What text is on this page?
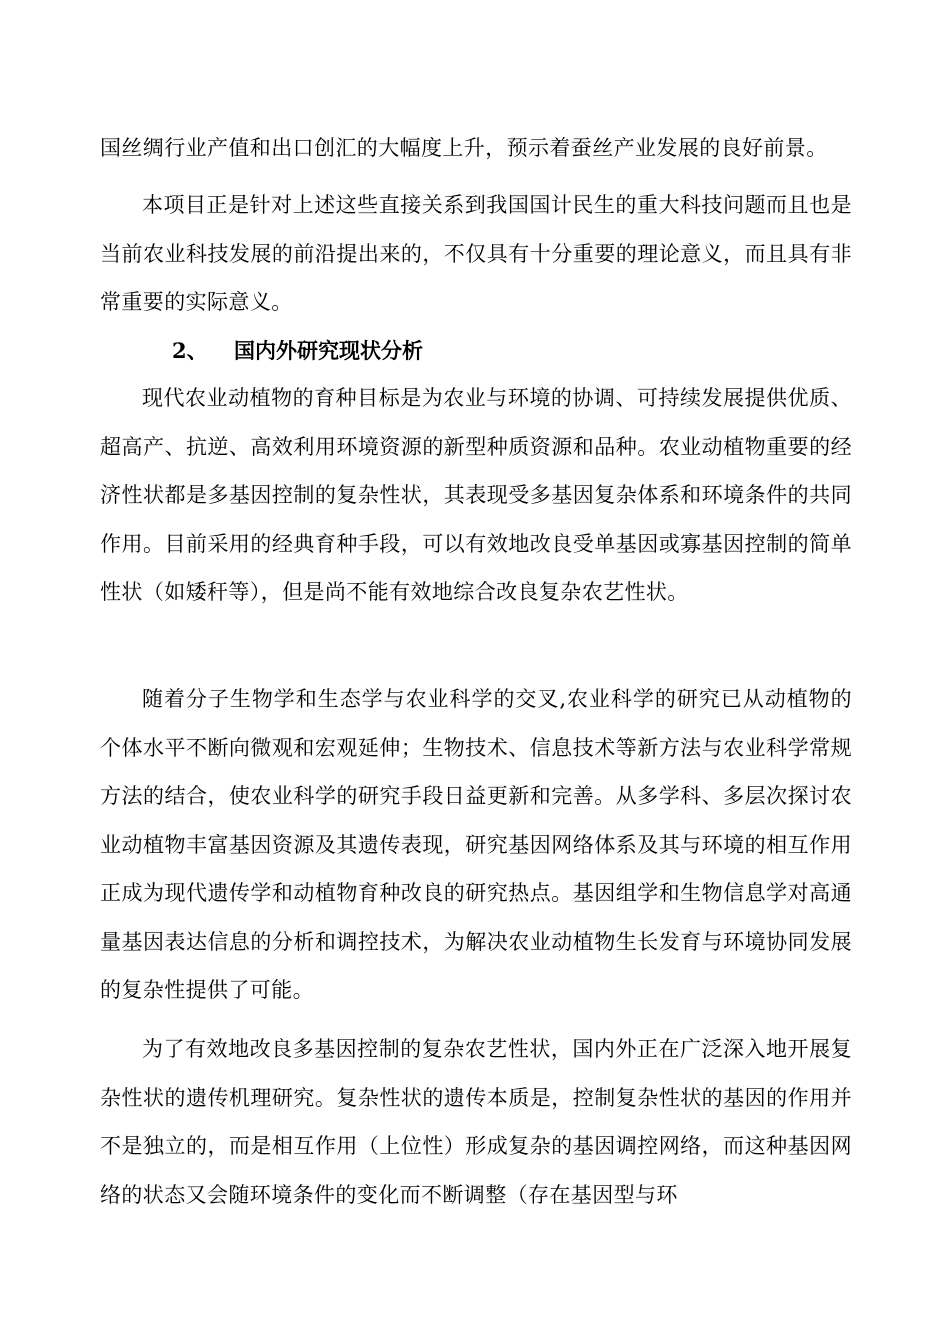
国丝绸行业产值和出口创汇的大幅度上升，预示着蚕丝产业发展的良好前景。

本项目正是针对上述这些直接关系到我国国计民生的重大科技问题而且也是当前农业科技发展的前沿提出来的，不仅具有十分重要的理论意义，而且具有非常重要的实际意义。

2、 国内外研究现状分析

现代农业动植物的育种目标是为农业与环境的协调、可持续发展提供优质、超高产、抗逆、高效利用环境资源的新型种质资源和品种。农业动植物重要的经济性状都是多基因控制的复杂性状，其表现受多基因复杂体系和环境条件的共同作用。目前采用的经典育种手段，可以有效地改良受单基因或寡基因控制的简单性状（如矮秆等），但是尚不能有效地综合改良复杂农艺性状。

随着分子生物学和生态学与农业科学的交叉,农业科学的研究已从动植物的个体水平不断向微观和宏观延伸；生物技术、信息技术等新方法与农业科学常规方法的结合，使农业科学的研究手段日益更新和完善。从多学科、多层次探讨农业动植物丰富基因资源及其遗传表现，研究基因网络体系及其与环境的相互作用正成为现代遗传学和动植物育种改良的研究热点。基因组学和生物信息学对高通量基因表达信息的分析和调控技术，为解决农业动植物生长发育与环境协同发展的复杂性提供了可能。

为了有效地改良多基因控制的复杂农艺性状，国内外正在广泛深入地开展复杂性状的遗传机理研究。复杂性状的遗传本质是，控制复杂性状的基因的作用并不是独立的，而是相互作用（上位性）形成复杂的基因调控网络，而这种基因网络的状态又会随环境条件的变化而不断调整（存在基因型与环
